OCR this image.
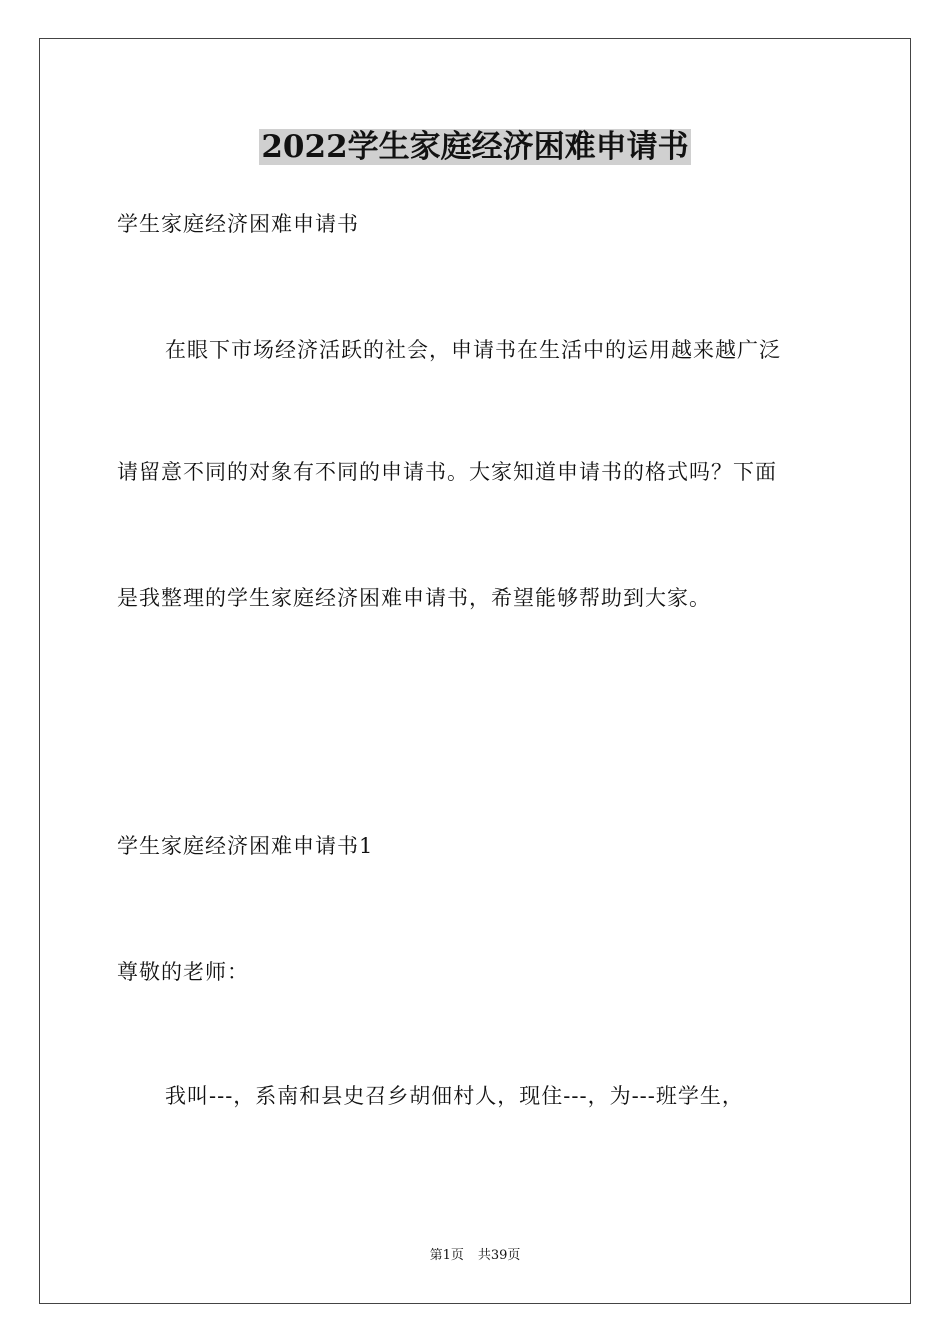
2022学生家庭经济困难申请书
学生家庭经济困难申请书
在眼下市场经济活跃的社会，申请书在生活中的运用越来越广泛
请留意不同的对象有不同的申请书。大家知道申请书的格式吗？下面
是我整理的学生家庭经济困难申请书，希望能够帮助到大家。
学生家庭经济困难申请书1
尊敬的老师：
我叫---，系南和县史召乡胡佃村人，现住---，为---班学生，
第1页 共39页
